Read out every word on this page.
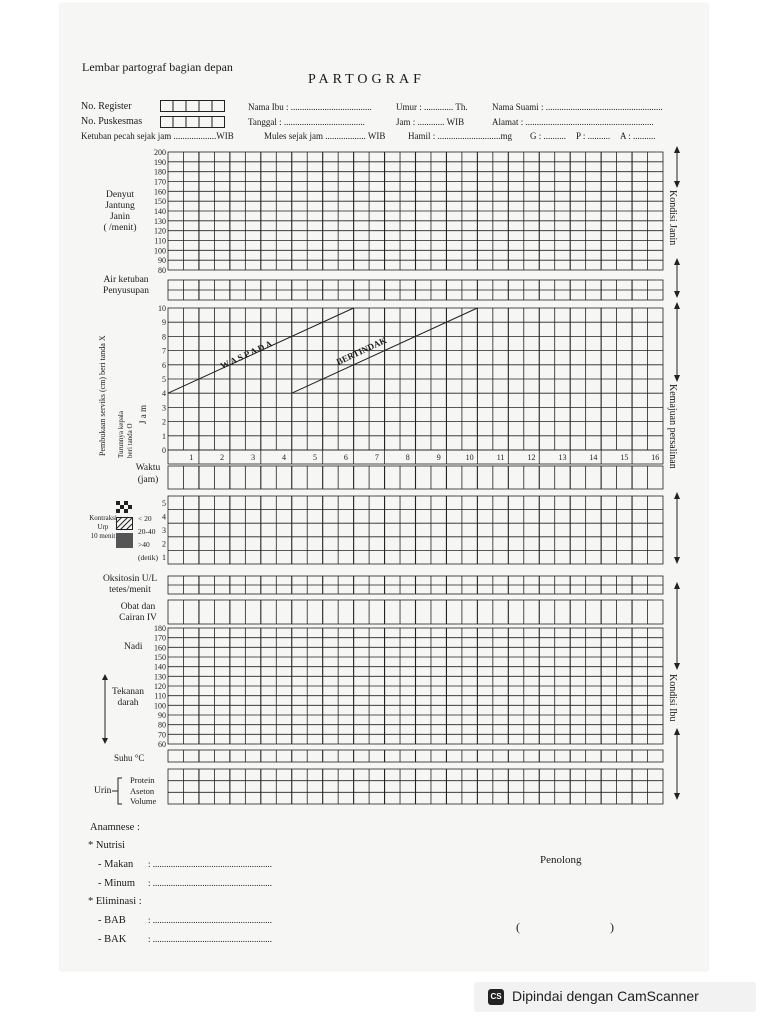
Lembar partograf bagian depan
PARTOGRAF
No. Register
No. Puskesmas
Nama Ibu : ....................................	Umur : ............. Th.	Nama Suami : ....................................................
Tanggal : ....................................	Jam : ............ WIB	Alamat : .........................................................
Ketuban pecah sejak jam ...................WIB	Mules sejak jam .................. WIB	Hamil : ............................mg G : .......... P : .......... A : ..........
200
190
180
170
160
150
140
130
120
110
100
90
80
10
9
8
7
6
5
4
3
2
1
0
W A S P A D A	BERTINDAK
1	2	3	4	5	6	7	8	9	10	11	12	13	14	15	16
5
4
3
2
1
180
170
160
150
140
130
120
110
100
90
80
70
60
Denyut
Jantung
Janin
( /menit)
Air ketuban
Penyusupan
Pembukaan serviks (cm) beri tanda X Turunnya kepala beri tanda O
J a m
Waktu
(jam)
Kontraksi
Urp
10 menit
< 20
20-40
>40
(detik)
Oksitosin U/L
tetes/menit
Obat dan
Cairan IV
Nadi
Tekanan
darah
Suhu °C
Urin
Protein
Aseton
Volume
Kondisi Janin
Kemajuan persalinan
Kondisi Ibu
Anamnese :
* Nutrisi
- Makan : .....................................................
- Minum : .....................................................
* Eliminasi :
- BAB : .....................................................
- BAK : .....................................................
Penolong
(	)
CS Dipindai dengan CamScanner
